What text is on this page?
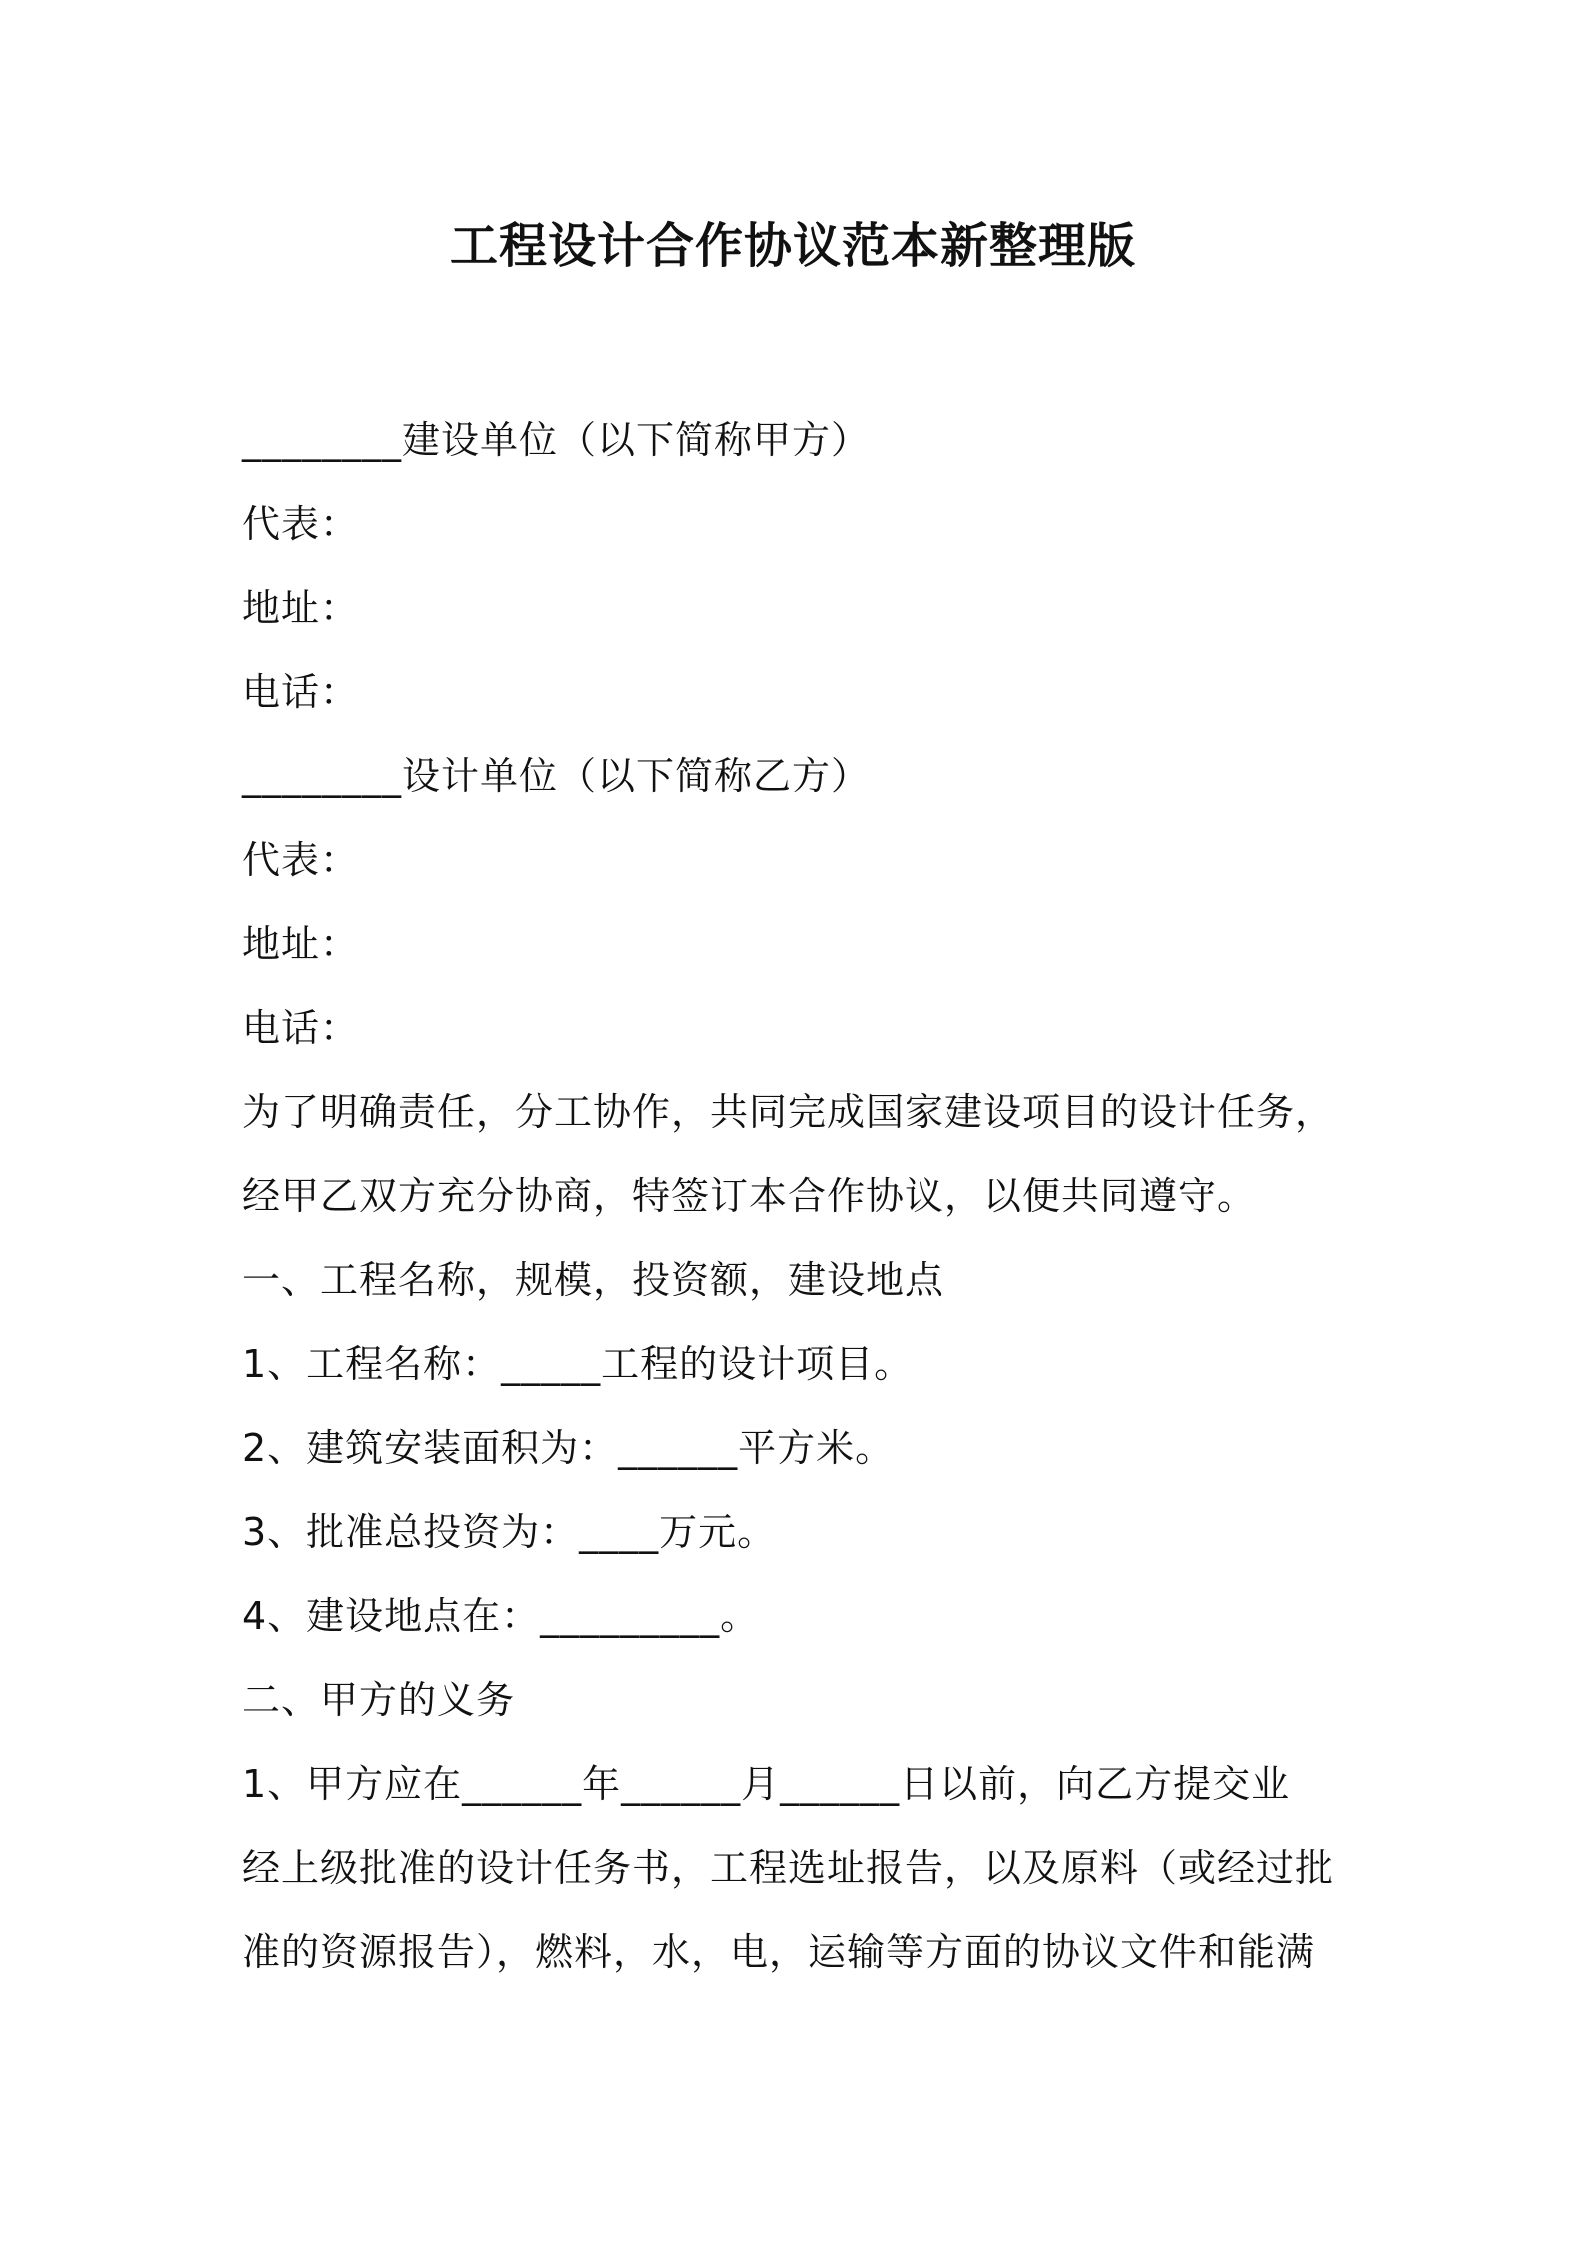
工程设计合作协议范本新整理版
________建设单位（以下简称甲方）
代表：
地址：
电话：
________设计单位（以下简称乙方）
代表：
地址：
电话：
为了明确责任，分工协作，共同完成国家建设项目的设计任务，
经甲乙双方充分协商，特签订本合作协议，以便共同遵守。
一、工程名称，规模，投资额，建设地点
1、工程名称：_____工程的设计项目。
2、建筑安装面积为：______平方米。
3、批准总投资为：____万元。
4、建设地点在：_________。
二、甲方的义务
1、甲方应在______年______月______日以前，向乙方提交业
经上级批准的设计任务书，工程选址报告，以及原料（或经过批
准的资源报告），燃料，水，电，运输等方面的协议文件和能满
